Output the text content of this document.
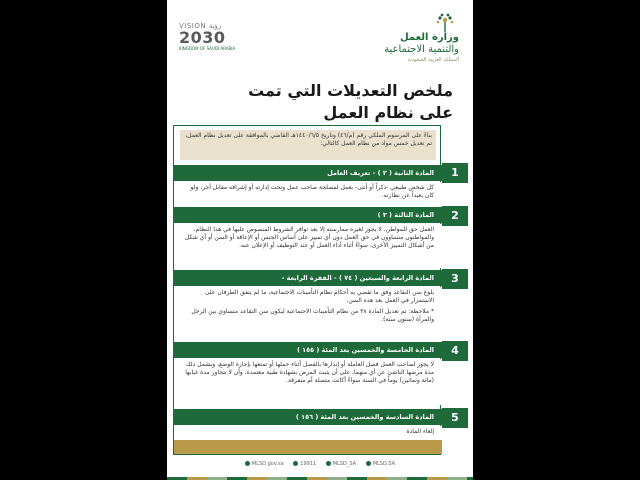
وزارة العمل
والتنمية الاجتماعية
المملكة العربية السعودية
VISION رؤية
2030
KINGDOM OF SAUDI ARABIA
ملخص التعديلات التي تمت
على نظام العمل
بناءً على المرسوم الملكي رقم (م/٤٦) وتاريخ ١٤٤٠/٦/٥هـ القاضي بالموافقة على تعديل نظام العمل، تم تعديل خمس مواد من نظام العمل كالتالي:
1
المادة الثانية ( ٢ ) - تعريف العامل

كل شخص طبيعي -ذكراً أو أنثى- يعمل لمصلحة صاحب عمل وتحت إدارته أو إشرافه مقابل أجر، ولو كان بعيداً عن نظارته.

2
المادة الثالثة ( ٣ )

العمل حق للمواطن، لا يجوز لغيره ممارسته إلا بعد توافر الشروط المنصوص عليها في هذا النظام، والمواطنون متساوون في حق العمل دون أي تمييز على أساس الجنس أو الإعاقة أو السن أو أي شكل من أشكال التمييز الأخرى، سواءً أثناء أداء العمل أو عند التوظيف أو الإعلان عنه.

3
المادة الرابعة والسبعين ( ٧٤ ) - الفقرة الرابعة -

بلوغ سن التقاعد وفق ما تقضي به أحكام نظام التأمينات الاجتماعية، ما لم يتفق الطرفان على الاستمرار في العمل بعد هذه السن.

* ملاحظة: تم تعديل المادة ٣٨ من نظام التأمينات الاجتماعية ليكون سن التقاعد متساوي بين الرجل والمرأة (ستون سنة).

4
المادة الخامسة والخمسين بعد المئة ( ١٥٥ )

لا يجوز لصاحب العمل فصل العاملة أو إنذارها بالفصل أثناء حملها أو تمتعها بإجازة الوضع، ويشمل ذلك مدة مرضها الناشئ عن أي منهما، على أن يثبت المرض بشهادة طبية معتمدة، وأن لا تتجاوز مدة غيابها (مائة وثمانين) يوماً في السنة سواءً أكانت متصلة أم متفرقة.

5
المادة السادسة والخمسين بعد المئة ( ١٥٦ )

إلغاء المادة

MLSD.gov.sa	19911	MLSD_SA	MLSD.SA
